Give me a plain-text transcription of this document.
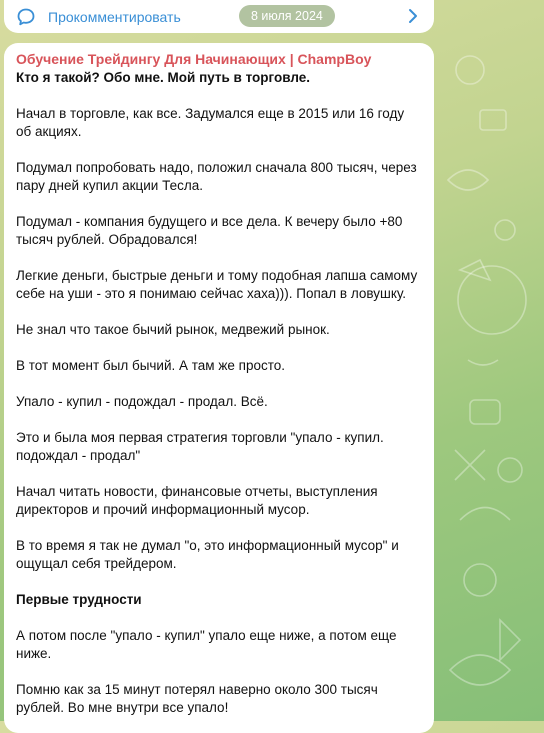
Прокомментировать	8 июля 2024
Обучение Трейдингу Для Начинающих | ChampBoy
Кто я такой? Обо мне. Мой путь в торговле.
Начал в торговле, как все. Задумался еще в 2015 или 16 году об акциях.
Подумал попробовать надо, положил сначала 800 тысяч, через пару дней купил акции Тесла.
Подумал - компания будущего и все дела. К вечеру было +80 тысяч рублей. Обрадовался!
Легкие деньги, быстрые деньги и тому подобная лапша самому себе на уши - это я понимаю сейчас хаха))). Попал в ловушку.
Не знал что такое бычий рынок, медвежий рынок.
В тот момент был бычий. А там же просто.
Упало - купил - подождал - продал. Всё.
Это и была моя первая стратегия торговли "упало - купил. подождал - продал"
Начал читать новости, финансовые отчеты, выступления директоров и прочий информационный мусор.
В то время я так не думал "о, это информационный мусор" и ощущал себя трейдером.
Первые трудности
А потом после "упало - купил" упало еще ниже, а потом еще ниже.
Помню как за 15 минут потерял наверно около 300 тысяч рублей. Во мне внутри все упало!
